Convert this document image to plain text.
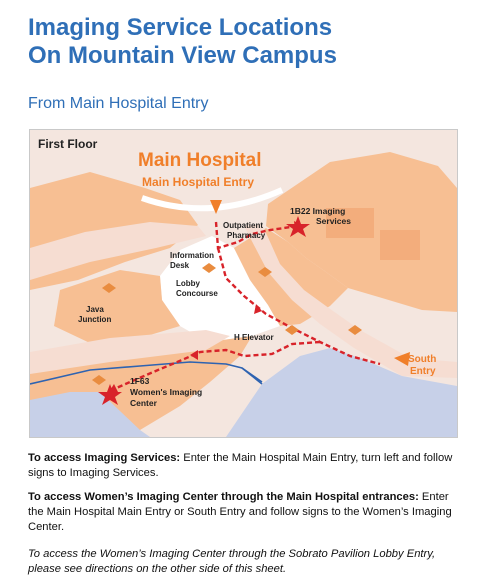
Imaging Service Locations
On Mountain View Campus
From Main Hospital Entry
First Floor
Main Hospital
Main Hospital Entry
1B22 Imaging
Services
Outpatient
Pharmacy
Information
Desk
Lobby
Concourse
Java
Junction
H Elevator
South
Entry
1F63
Women's Imaging
Center

To access Imaging Services: Enter the Main Hospital Main Entry, turn left and follow signs to Imaging Services.

To access Women’s Imaging Center through the Main Hospital entrances: Enter the Main Hospital Main Entry or South Entry and follow signs to the Women’s Imaging Center.

To access the Women’s Imaging Center through the Sobrato Pavilion Lobby Entry, please see directions on the other side of this sheet.
